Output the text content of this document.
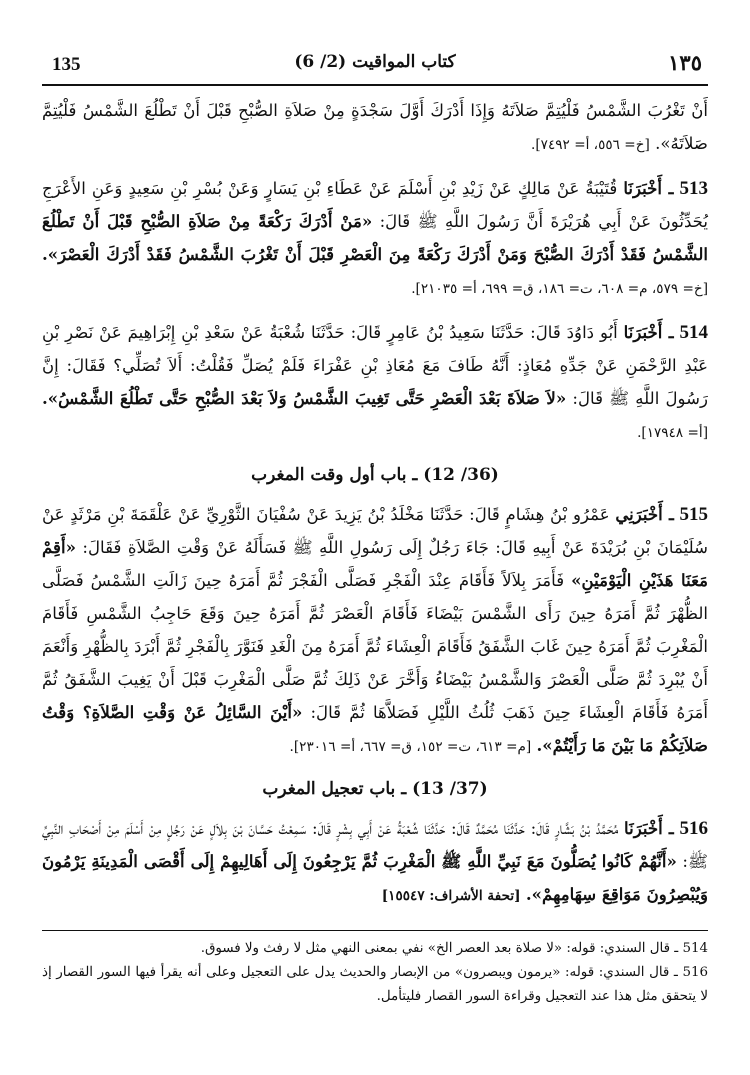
135	(6 /2) كتاب المواقيت	١٣٥

أَنْ تَغْرُبَ الشَّمْسُ فَلْيُتِمَّ صَلاَتَهُ وَإِذَا أَدْرَكَ أَوَّلَ سَجْدَةٍ مِنْ صَلاَةِ الصُّبْحِ قَبْلَ أَنْ تَطْلُعَ الشَّمْسُ فَلْيُتِمَّ صَلاَتَهُ». [خ= ٥٥٦، أ= ٧٤٩٢].

513 ـ أَخْبَرَنَا قُتَيْبَةُ عَنْ مَالِكٍ عَنْ زَيْدِ بْنِ أَسْلَمَ عَنْ عَطَاءِ بْنِ يَسَارٍ وَعَنْ بُسْرِ بْنِ سَعِيدٍ وَعَنِ الأَعْرَجِ يُحَدِّثُونَ عَنْ أَبِي هُرَيْرَةَ أَنَّ رَسُولَ اللَّهِ ﷺ قَالَ: «مَنْ أَدْرَكَ رَكْعَةً مِنْ صَلاَةِ الصُّبْحِ قَبْلَ أَنْ تَطْلُعَ الشَّمْسُ فَقَدْ أَدْرَكَ الصُّبْحَ وَمَنْ أَدْرَكَ رَكْعَةً مِنَ الْعَصْرِ قَبْلَ أَنْ تَغْرُبَ الشَّمْسُ فَقَدْ أَدْرَكَ الْعَصْرَ». [خ= ٥٧٩، م= ٦٠٨، ت= ١٨٦، ق= ٦٩٩، أ= ٢١٠٣٥].

514 ـ أَخْبَرَنَا أَبُو دَاوُدَ قَالَ: حَدَّثَنَا سَعِيدُ بْنُ عَامِرٍ قَالَ: حَدَّثَنَا شُعْبَةُ عَنْ سَعْدِ بْنِ إِبْرَاهِيمَ عَنْ نَصْرِ بْنِ عَبْدِ الرَّحْمَنِ عَنْ جَدِّهِ مُعَاذٍ: أَنَّهُ طَافَ مَعَ مُعَاذِ بْنِ عَفْرَاءَ فَلَمْ يُصَلِّ فَقُلْتُ: أَلاَ تُصَلِّي؟ فَقَالَ: إِنَّ رَسُولَ اللَّهِ ﷺ قَالَ: «لاَ صَلاَةَ بَعْدَ الْعَصْرِ حَتَّى تَغِيبَ الشَّمْسُ وَلاَ بَعْدَ الصُّبْحِ حَتَّى تَطْلُعَ الشَّمْسُ». [أ= ١٧٩٤٨].

(36/ 12) ـ باب أول وقت المغرب

515 ـ أَخْبَرَنِي عَمْرُو بْنُ هِشَامٍ قَالَ: حَدَّثَنَا مَخْلَدُ بْنُ يَزِيدَ عَنْ سُفْيَانَ الثَّوْرِيِّ عَنْ عَلْقَمَةَ بْنِ مَرْثَدٍ عَنْ سُلَيْمَانَ بْنِ بُرَيْدَةَ عَنْ أَبِيهِ قَالَ: جَاءَ رَجُلٌ إِلَى رَسُولِ اللَّهِ ﷺ فَسَأَلَهُ عَنْ وَقْتِ الصَّلاَةِ فَقَالَ: «أَقِمْ مَعَنَا هَذَيْنِ الْيَوْمَيْنِ» فَأَمَرَ بِلاَلاً فَأَقَامَ عِنْدَ الْفَجْرِ فَصَلَّى الْفَجْرَ ثُمَّ أَمَرَهُ حِينَ زَالَتِ الشَّمْسُ فَصَلَّى الظُّهْرَ ثُمَّ أَمَرَهُ حِينَ رَأَى الشَّمْسَ بَيْضَاءَ فَأَقَامَ الْعَصْرَ ثُمَّ أَمَرَهُ حِينَ وَقَعَ حَاجِبُ الشَّمْسِ فَأَقَامَ الْمَغْرِبَ ثُمَّ أَمَرَهُ حِينَ غَابَ الشَّفَقُ فَأَقَامَ الْعِشَاءَ ثُمَّ أَمَرَهُ مِنَ الْغَدِ فَنَوَّرَ بِالْفَجْرِ ثُمَّ أَبْرَدَ بِالظُّهْرِ وَأَنْعَمَ أَنْ يُبْرِدَ ثُمَّ صَلَّى الْعَصْرَ وَالشَّمْسُ بَيْضَاءُ وَأَخَّرَ عَنْ ذَلِكَ ثُمَّ صَلَّى الْمَغْرِبَ قَبْلَ أَنْ يَغِيبَ الشَّفَقُ ثُمَّ أَمَرَهُ فَأَقَامَ الْعِشَاءَ حِينَ ذَهَبَ ثُلُثُ اللَّيْلِ فَصَلاَّهَا ثُمَّ قَالَ: «أَيْنَ السَّائِلُ عَنْ وَقْتِ الصَّلاَةِ؟ وَقْتُ صَلاَتِكُمْ مَا بَيْنَ مَا رَأَيْتُمْ». [م= ٦١٣، ت= ١٥٢، ق= ٦٦٧، أ= ٢٣٠١٦].

(37/ 13) ـ باب تعجيل المغرب

516 ـ أَخْبَرَنَا مُحَمَّدُ بْنُ بَشَّارٍ قَالَ: حَدَّثَنَا مُحَمَّدٌ قَالَ: حَدَّثَنَا شُعْبَةُ عَنْ أَبِي بِشْرٍ قَالَ: سَمِعْتُ حَسَّانَ بْنَ بِلاَلٍ عَنْ رَجُلٍ مِنْ أَسْلَمَ مِنْ أَصْحَابِ النَّبِيِّ ﷺ: «أَنَّهُمْ كَانُوا يُصَلُّونَ مَعَ نَبِيِّ اللَّهِ ﷺ الْمَغْرِبَ ثُمَّ يَرْجِعُونَ إِلَى أَهَالِيهِمْ إِلَى أَقْصَى الْمَدِينَةِ يَرْمُونَ وَيُبْصِرُونَ مَوَاقِعَ سِهَامِهِمْ». [تحفة الأشراف: ١٥٥٤٧]

514 ـ قال السندي: قوله: «لا صلاة بعد العصر الخ» نفي بمعنى النهي مثل لا رفث ولا فسوق.

516 ـ قال السندي: قوله: «يرمون ويبصرون» من الإبصار والحديث يدل على التعجيل وعلى أنه يقرأ فيها السور القصار إذ لا يتحقق مثل هذا عند التعجيل وقراءة السور القصار فليتأمل.
